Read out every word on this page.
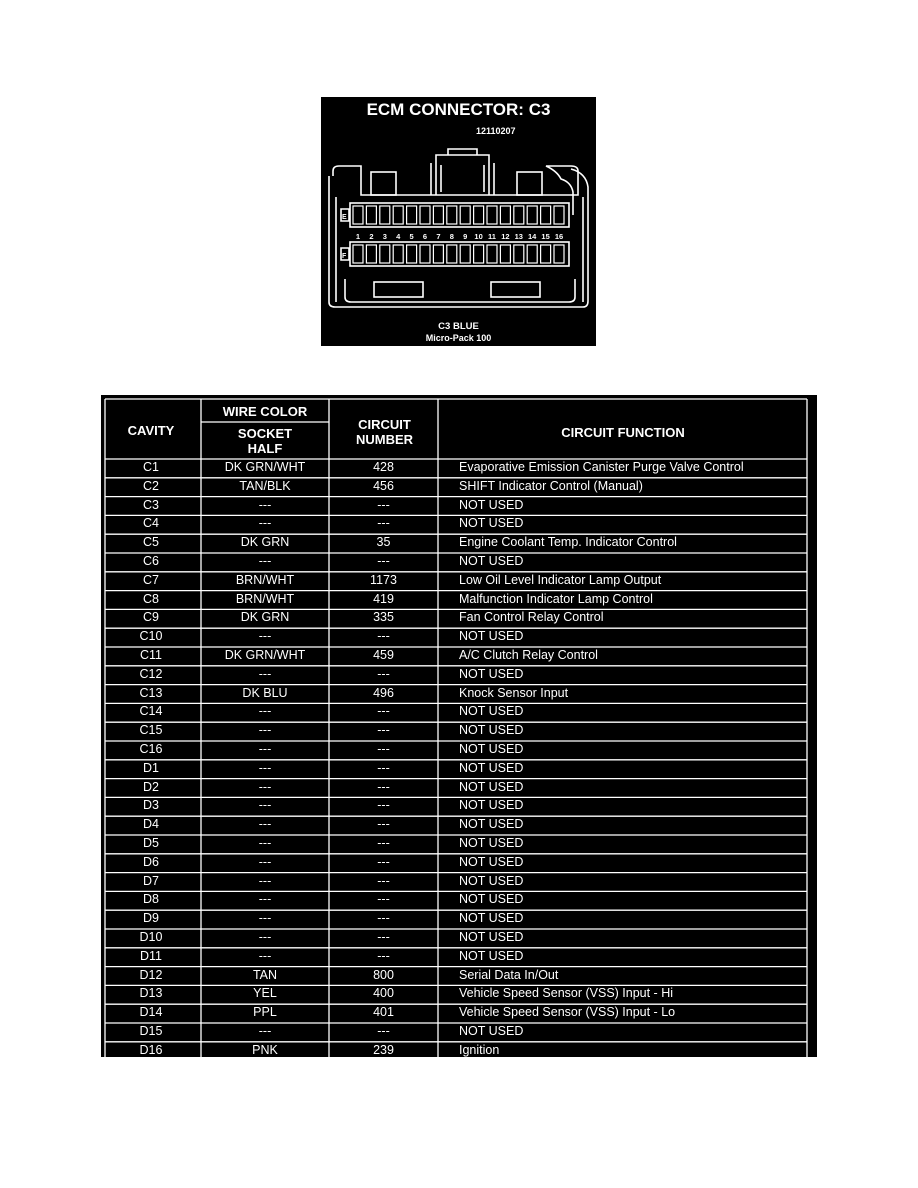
ECM CONNECTOR: C3
12110207
1 2 3 4 5 6 7 8 9 10 11 12 13 14 15 16
E
F
C3 BLUE
Micro-Pack 100
CAVITY
WIRE COLOR
SOCKET HALF
CIRCUIT NUMBER	CIRCUIT FUNCTION
C1	DK GRN/WHT	428	Evaporative Emission Canister Purge Valve Control
C2	TAN/BLK	456	SHIFT Indicator Control (Manual)
C3	---	---	NOT USED
C4	---	---	NOT USED
C5	DK GRN	35	Engine Coolant Temp. Indicator Control
C6	---	---	NOT USED
C7	BRN/WHT	1173	Low Oil Level Indicator Lamp Output
C8	BRN/WHT	419	Malfunction Indicator Lamp Control
C9	DK GRN	335	Fan Control Relay Control
C10	---	---	NOT USED
C11	DK GRN/WHT	459	A/C Clutch Relay Control
C12	---	---	NOT USED
C13	DK BLU	496	Knock Sensor Input
C14	---	---	NOT USED
C15	---	---	NOT USED
C16	---	---	NOT USED
D1	---	---	NOT USED
D2	---	---	NOT USED
D3	---	---	NOT USED
D4	---	---	NOT USED
D5	---	---	NOT USED
D6	---	---	NOT USED
D7	---	---	NOT USED
D8	---	---	NOT USED
D9	---	---	NOT USED
D10	---	---	NOT USED
D11	---	---	NOT USED
D12	TAN	800	Serial Data In/Out
D13	YEL	400	Vehicle Speed Sensor (VSS) Input - Hi
D14	PPL	401	Vehicle Speed Sensor (VSS) Input - Lo
D15	---	---	NOT USED
D16	PNK	239	Ignition
